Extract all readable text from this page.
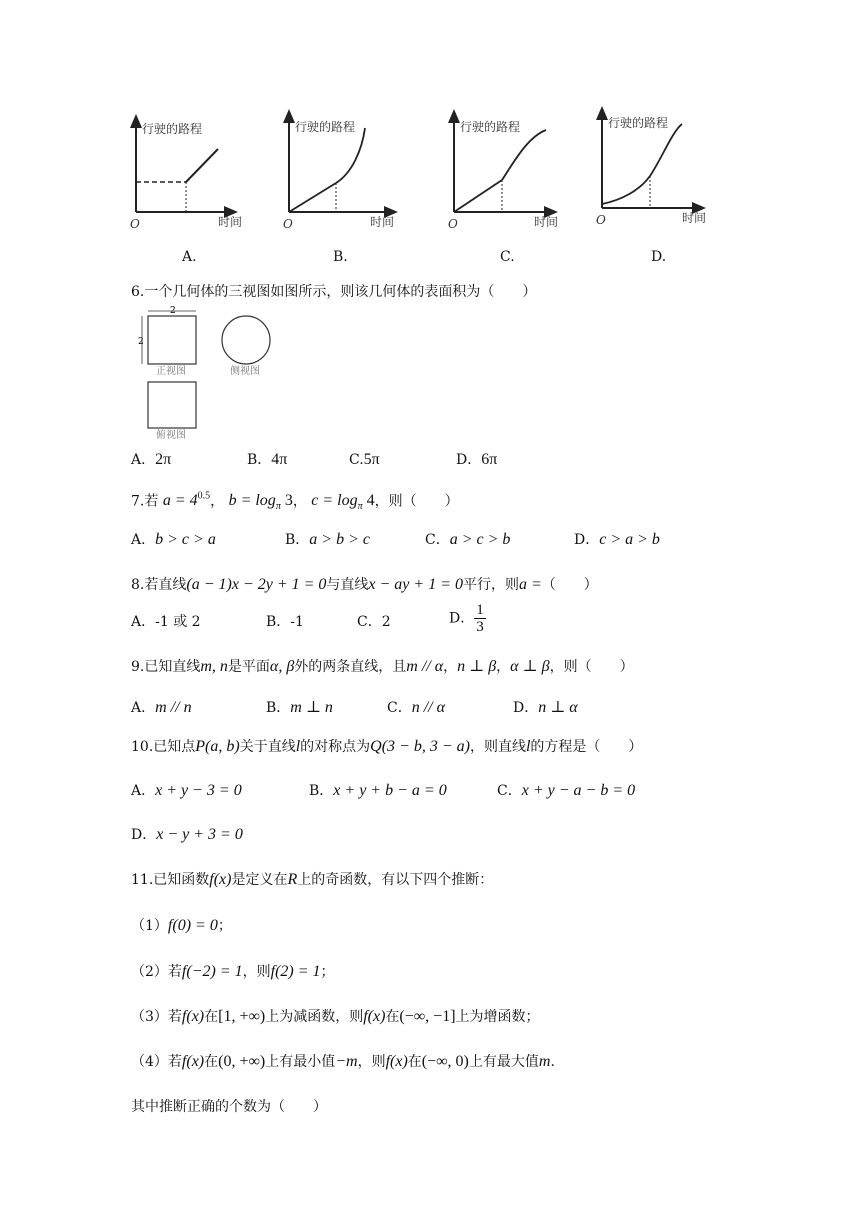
行驶的路程
O	时间
行驶的路程
O	时间
行驶的路程
O	时间
行驶的路程
O	时间
A.	B.	C.	D.
6.一个几何体的三视图如图所示，则该几何体的表面积为（　　）
2
2
正视图	侧视图
俯视图
A．2π	B．4π	C.5π	D．6π
7.若 $a = 4^{0.5}$， $b = \log_\pi 3$， $c = \log_\pi 4$，则（　　）
A．b > c > a	B．a > b > c	C．a > c > b	D．c > a > b
8.若直线(a − 1)x − 2y + 1 = 0与直线x − ay + 1 = 0平行，则a =（　　）
A．-1 或 2	B．-1	C．2	D． $\frac{1}{3}$
9.已知直线m, n是平面α, β外的两条直线，且m // α，n ⊥ β，α ⊥ β，则（　　）
A．m // n	B．m ⊥ n	C．n // α	D．n ⊥ α
10.已知点P(a, b)关于直线l的对称点为Q(3 − b, 3 − a)，则直线l的方程是（　　）
A．x + y − 3 = 0	B．x + y + b − a = 0	C．x + y − a − b = 0
D．x − y + 3 = 0
11.已知函数f(x)是定义在R上的奇函数，有以下四个推断：
（1）f(0) = 0；
（2）若f(−2) = 1，则f(2) = 1；
（3）若f(x)在[1, +∞)上为减函数，则f(x)在(−∞, −1]上为增函数；
（4）若f(x)在(0, +∞)上有最小值−m，则f(x)在(−∞, 0)上有最大值m.
其中推断正确的个数为（　　）
